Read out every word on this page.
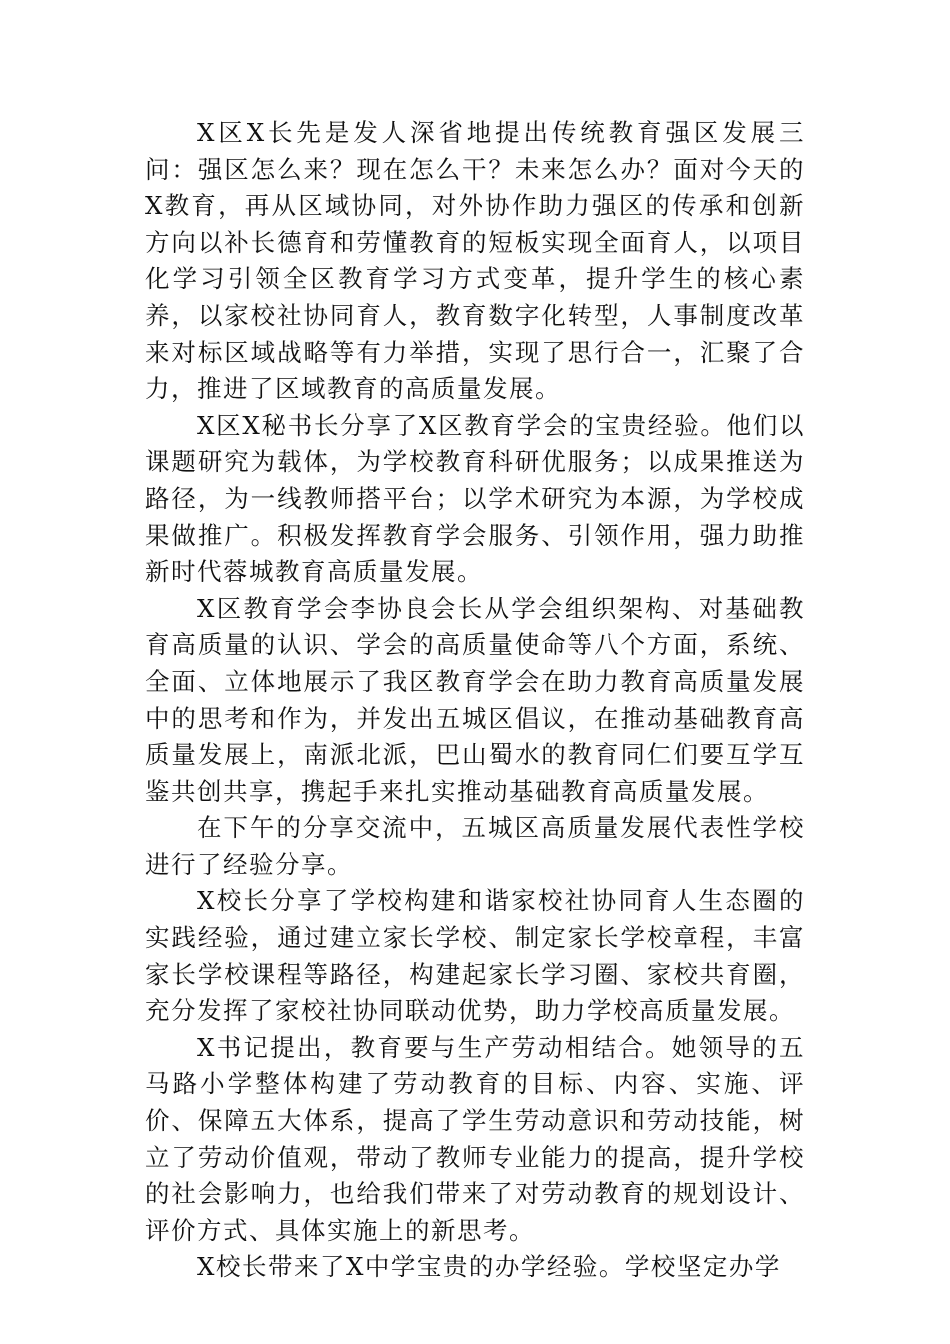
X区X长先是发人深省地提出传统教育强区发展三问：强区怎么来？现在怎么干？未来怎么办？面对今天的X教育，再从区域协同，对外协作助力强区的传承和创新方向以补长德育和劳懂教育的短板实现全面育人，以项目化学习引领全区教育学习方式变革，提升学生的核心素养，以家校社协同育人，教育数字化转型，人事制度改革来对标区域战略等有力举措，实现了思行合一，汇聚了合力，推进了区域教育的高质量发展。

X区X秘书长分享了X区教育学会的宝贵经验。他们以课题研究为载体，为学校教育科研优服务；以成果推送为路径，为一线教师搭平台；以学术研究为本源，为学校成果做推广。积极发挥教育学会服务、引领作用，强力助推新时代蓉城教育高质量发展。

X区教育学会李协良会长从学会组织架构、对基础教育高质量的认识、学会的高质量使命等八个方面，系统、全面、立体地展示了我区教育学会在助力教育高质量发展中的思考和作为，并发出五城区倡议，在推动基础教育高质量发展上，南派北派，巴山蜀水的教育同仁们要互学互鉴共创共享，携起手来扎实推动基础教育高质量发展。

在下午的分享交流中，五城区高质量发展代表性学校进行了经验分享。

X校长分享了学校构建和谐家校社协同育人生态圈的实践经验，通过建立家长学校、制定家长学校章程，丰富家长学校课程等路径，构建起家长学习圈、家校共育圈，充分发挥了家校社协同联动优势，助力学校高质量发展。

X书记提出，教育要与生产劳动相结合。她领导的五马路小学整体构建了劳动教育的目标、内容、实施、评价、保障五大体系，提高了学生劳动意识和劳动技能，树立了劳动价值观，带动了教师专业能力的提高，提升学校的社会影响力，也给我们带来了对劳动教育的规划设计、评价方式、具体实施上的新思考。

X校长带来了X中学宝贵的办学经验。学校坚定办学
